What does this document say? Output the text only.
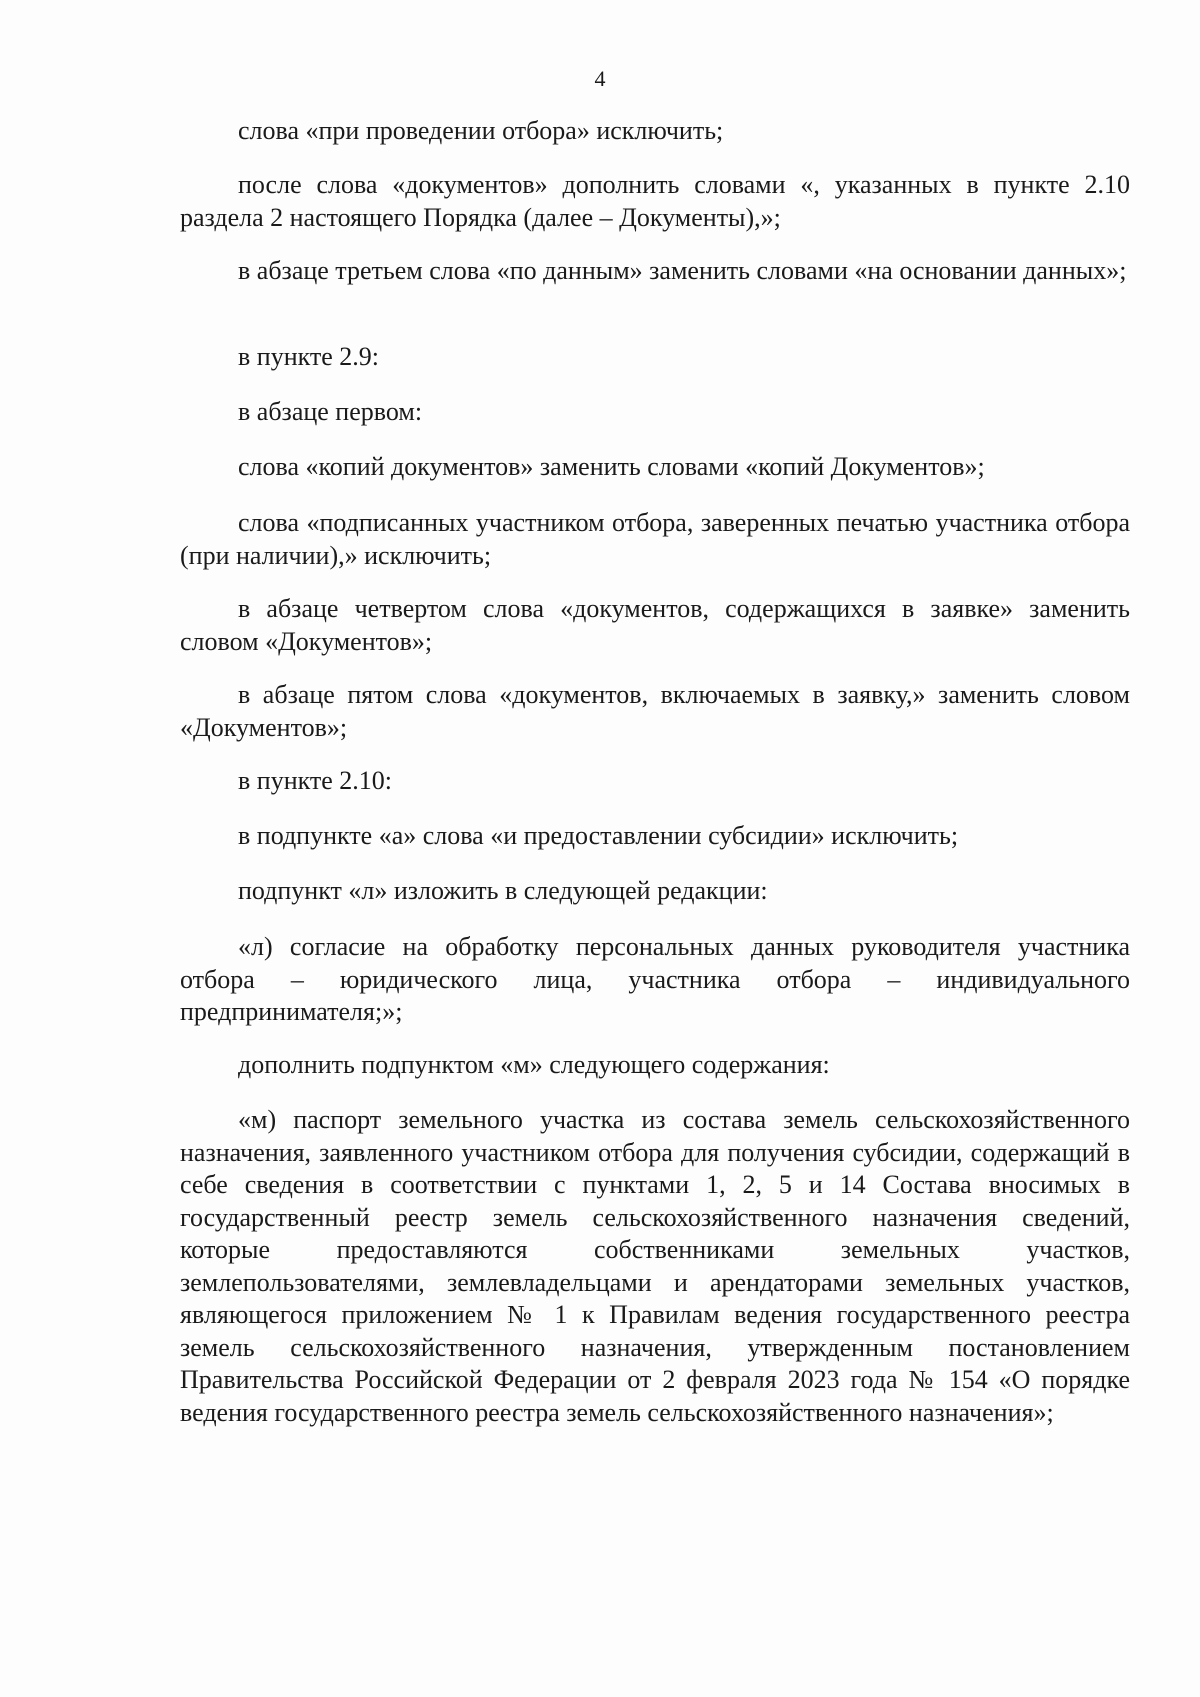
4

слова «при проведении отбора» исключить;

после слова «документов» дополнить словами «, указанных в пункте 2.10 раздела 2 настоящего Порядка (далее – Документы),»;

в абзаце третьем слова «по данным» заменить словами «на основании данных»;

в пункте 2.9:

в абзаце первом:

слова «копий документов» заменить словами «копий Документов»;

слова «подписанных участником отбора, заверенных печатью участника отбора (при наличии),» исключить;

в абзаце четвертом слова «документов, содержащихся в заявке» заменить словом «Документов»;

в абзаце пятом слова «документов, включаемых в заявку,» заменить словом «Документов»;

в пункте 2.10:

в подпункте «а» слова «и предоставлении субсидии» исключить;

подпункт «л» изложить в следующей редакции:

«л) согласие на обработку персональных данных руководителя участника отбора – юридического лица, участника отбора – индивидуального предпринимателя;»;

дополнить подпунктом «м» следующего содержания:

«м) паспорт земельного участка из состава земель сельскохозяйственного назначения, заявленного участником отбора для получения субсидии, содержащий в себе сведения в соответствии с пунктами 1, 2, 5 и 14 Состава вносимых в государственный реестр земель сельскохозяйственного назначения сведений, которые предоставляются собственниками земельных участков, землепользователями, землевладельцами и арендаторами земельных участков, являющегося приложением № 1 к Правилам ведения государственного реестра земель сельскохозяйственного назначения, утвержденным постановлением Правительства Российской Федерации от 2 февраля 2023 года № 154 «О порядке ведения государственного реестра земель сельскохозяйственного назначения»;
